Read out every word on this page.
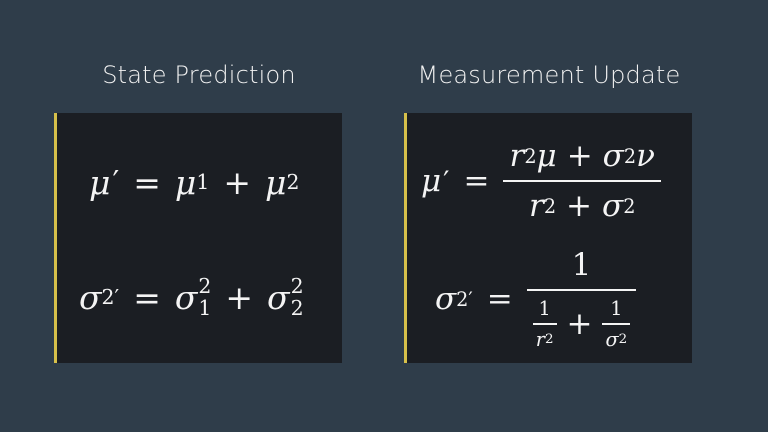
State Prediction	Measurement Update
μ ′ = μ 1 + μ 2
σ 2′ = σ 2
1 + σ 2
2
μ ′ = $\frac{r 2 \mu + \sigma 2 \nu}{r 2 + \sigma 2}$
σ 2′ =
1
$\frac{1}{r 2} + \frac{1}{\sigma 2}$
